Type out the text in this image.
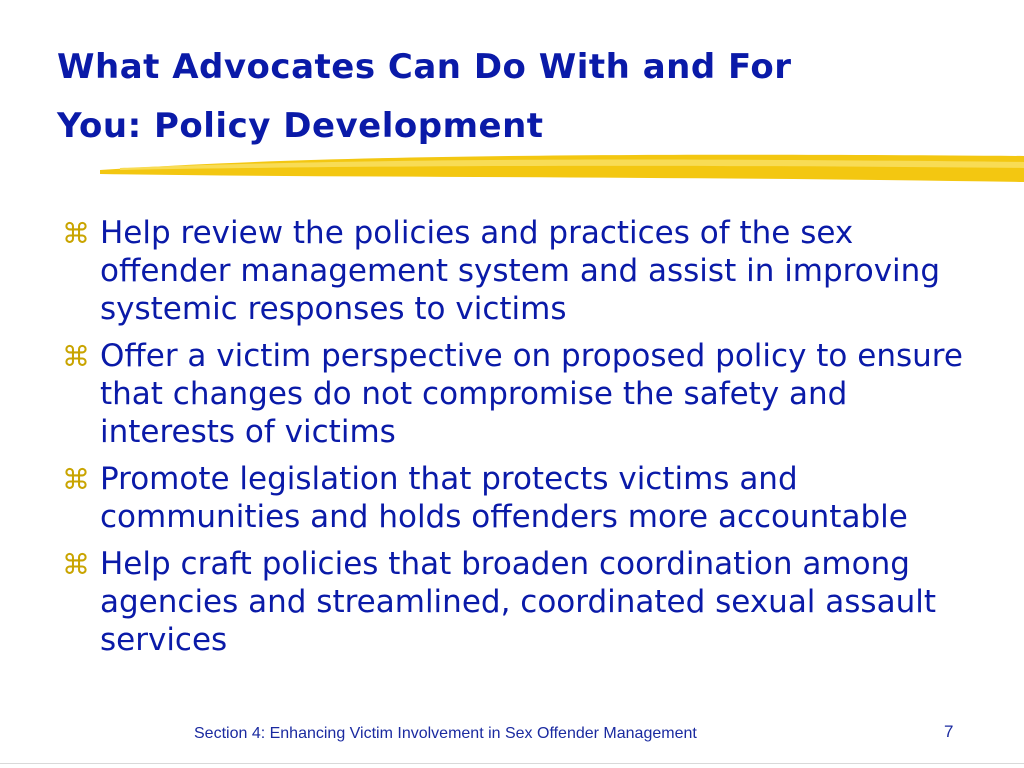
What Advocates Can Do With and For
You: Policy Development
⌘ Help review the policies and practices of the sex offender management system and assist in improving systemic responses to victims
⌘ Offer a victim perspective on proposed policy to ensure that changes do not compromise the safety and interests of victims
⌘ Promote legislation that protects victims and communities and holds offenders more accountable
⌘ Help craft policies that broaden coordination among agencies and streamlined, coordinated sexual assault services
Section 4: Enhancing Victim Involvement in Sex Offender Management	7
